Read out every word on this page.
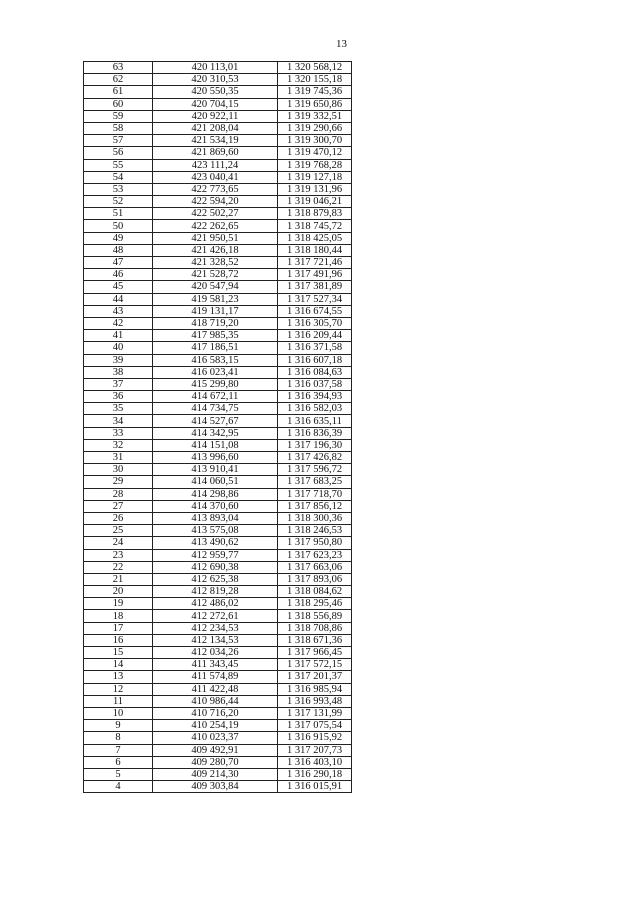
13
63	420 113,01	1 320 568,12
62	420 310,53	1 320 155,18
61	420 550,35	1 319 745,36
60	420 704,15	1 319 650,86
59	420 922,11	1 319 332,51
58	421 208,04	1 319 290,66
57	421 534,19	1 319 300,70
56	421 869,60	1 319 470,12
55	423 111,24	1 319 768,28
54	423 040,41	1 319 127,18
53	422 773,65	1 319 131,96
52	422 594,20	1 319 046,21
51	422 502,27	1 318 879,83
50	422 262,65	1 318 745,72
49	421 950,51	1 318 425,05
48	421 426,18	1 318 180,44
47	421 328,52	1 317 721,46
46	421 528,72	1 317 491,96
45	420 547,94	1 317 381,89
44	419 581,23	1 317 527,34
43	419 131,17	1 316 674,55
42	418 719,20	1 316 305,70
41	417 985,35	1 316 209,44
40	417 186,51	1 316 371,58
39	416 583,15	1 316 607,18
38	416 023,41	1 316 084,63
37	415 299,80	1 316 037,58
36	414 672,11	1 316 394,93
35	414 734,75	1 316 582,03
34	414 527,67	1 316 635,11
33	414 342,95	1 316 836,39
32	414 151,08	1 317 196,30
31	413 996,60	1 317 426,82
30	413 910,41	1 317 596,72
29	414 060,51	1 317 683,25
28	414 298,86	1 317 718,70
27	414 370,60	1 317 856,12
26	413 893,04	1 318 300,36
25	413 575,08	1 318 246,53
24	413 490,62	1 317 950,80
23	412 959,77	1 317 623,23
22	412 690,38	1 317 663,06
21	412 625,38	1 317 893,06
20	412 819,28	1 318 084,62
19	412 486,02	1 318 295,46
18	412 272,61	1 318 556,89
17	412 234,53	1 318 708,86
16	412 134,53	1 318 671,36
15	412 034,26	1 317 966,45
14	411 343,45	1 317 572,15
13	411 574,89	1 317 201,37
12	411 422,48	1 316 985,94
11	410 986,44	1 316 993,48
10	410 716,20	1 317 131,99
9	410 254,19	1 317 075,54
8	410 023,37	1 316 915,92
7	409 492,91	1 317 207,73
6	409 280,70	1 316 403,10
5	409 214,30	1 316 290,18
4	409 303,84	1 316 015,91
